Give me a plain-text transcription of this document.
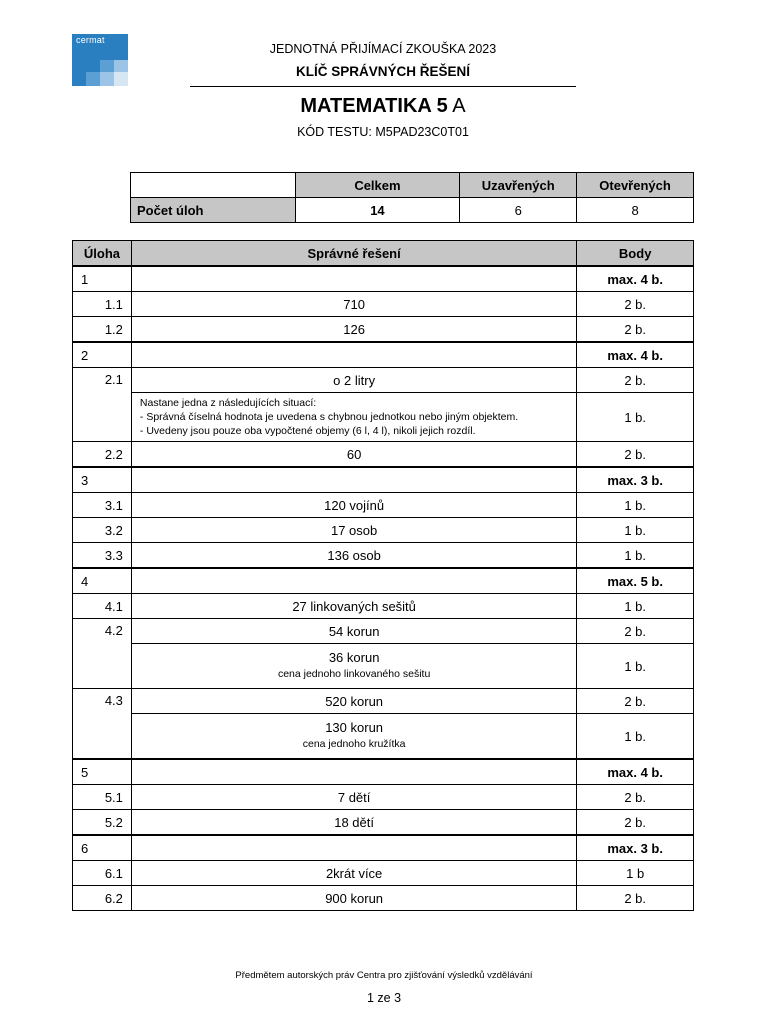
cermat
JEDNOTNÁ PŘIJÍMACÍ ZKOUŠKA 2023
KLÍČ SPRÁVNÝCH ŘEŠENÍ
MATEMATIKA 5 A
KÓD TESTU: M5PAD23C0T01
	Celkem	Uzavřených	Otevřených
Počet úloh	14	6	8
Úloha	Správné řešení	Body
1		max. 4 b.
1.1	710	2 b.
1.2	126	2 b.
2		max. 4 b.
2.1	o 2 litry	2 b.

	Nastane jedna z následujících situací:
- Správná číselná hodnota je uvedena s chybnou jednotkou nebo jiným objektem.
- Uvedeny jsou pouze oba vypočtené objemy (6 l, 4 l), nikoli jejich rozdíl.	1 b.
2.2	60	2 b.
3		max. 3 b.
3.1	120 vojínů	1 b.
3.2	17 osob	1 b.
3.3	136 osob	1 b.
4		max. 5 b.
4.1	27 linkovaných sešitů	1 b.
4.2	54 korun	2 b.

	36 korun
cena jednoho linkovaného sešitu	1 b.
4.3	520 korun	2 b.

	130 korun
cena jednoho kružítka	1 b.
5		max. 4 b.
5.1	7 dětí	2 b.
5.2	18 dětí	2 b.
6		max. 3 b.
6.1	2krát více	1 b
6.2	900 korun	2 b.
Předmětem autorských práv Centra pro zjišťování výsledků vzdělávání
1 ze 3
